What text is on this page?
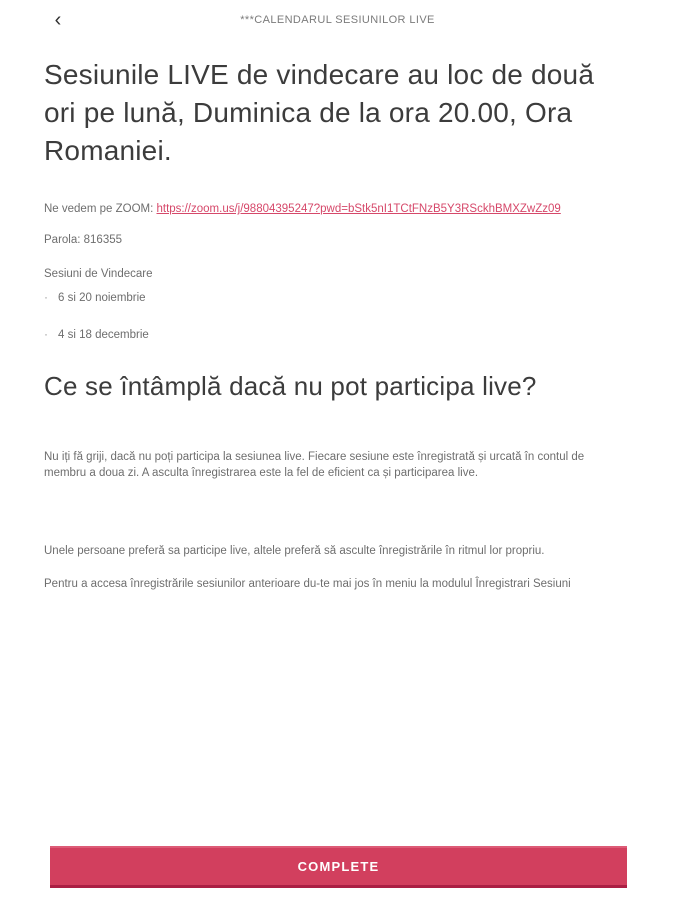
‹	***CALENDARUL SESIUNILOR LIVE
Sesiunile LIVE de vindecare au loc de două ori pe lună, Duminica de la ora 20.00, Ora Romaniei.

Ne vedem pe ZOOM: https://zoom.us/j/98804395247?pwd=bStk5nI1TCtFNzB5Y3RSckhBMXZwZz09

Parola: 816355

Sesiuni de Vindecare

· 6 si 20 noiembrie
· 4 si 18 decembrie
Ce se întâmplă dacă nu pot participa live?

Nu iți fă griji, dacă nu poți participa la sesiunea live. Fiecare sesiune este înregistrată și urcată în contul de membru a doua zi. A asculta înregistrarea este la fel de eficient ca și participarea live.

Unele persoane preferă sa participe live, altele preferă să asculte înregistrările în ritmul lor propriu.

Pentru a accesa înregistrările sesiunilor anterioare du-te mai jos în meniu la modulul Înregistrari Sesiuni

COMPLETE
